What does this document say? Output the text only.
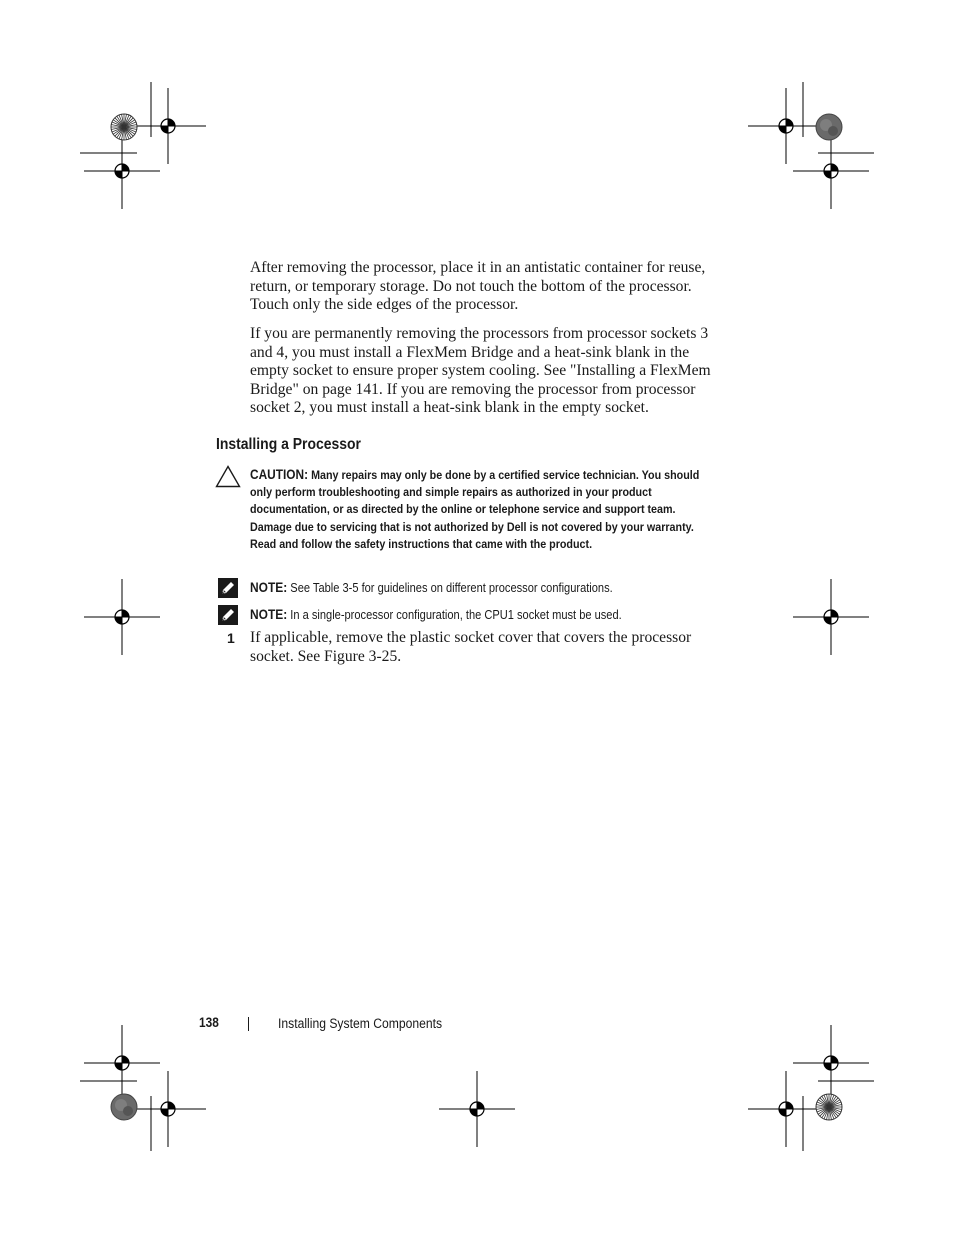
After removing the processor, place it in an antistatic container for reuse, return, or temporary storage. Do not touch the bottom of the processor. Touch only the side edges of the processor.

If you are permanently removing the processors from processor sockets 3 and 4, you must install a FlexMem Bridge and a heat-sink blank in the empty socket to ensure proper system cooling. See "Installing a FlexMem Bridge" on page 141. If you are removing the processor from processor socket 2, you must install a heat-sink blank in the empty socket.

Installing a Processor

CAUTION: Many repairs may only be done by a certified service technician. You should only perform troubleshooting and simple repairs as authorized in your product documentation, or as directed by the online or telephone service and support team. Damage due to servicing that is not authorized by Dell is not covered by your warranty. Read and follow the safety instructions that came with the product.

NOTE: See Table 3-5 for guidelines on different processor configurations.

NOTE: In a single-processor configuration, the CPU1 socket must be used.

1 If applicable, remove the plastic socket cover that covers the processor socket. See Figure 3-25.

138	Installing System Components
